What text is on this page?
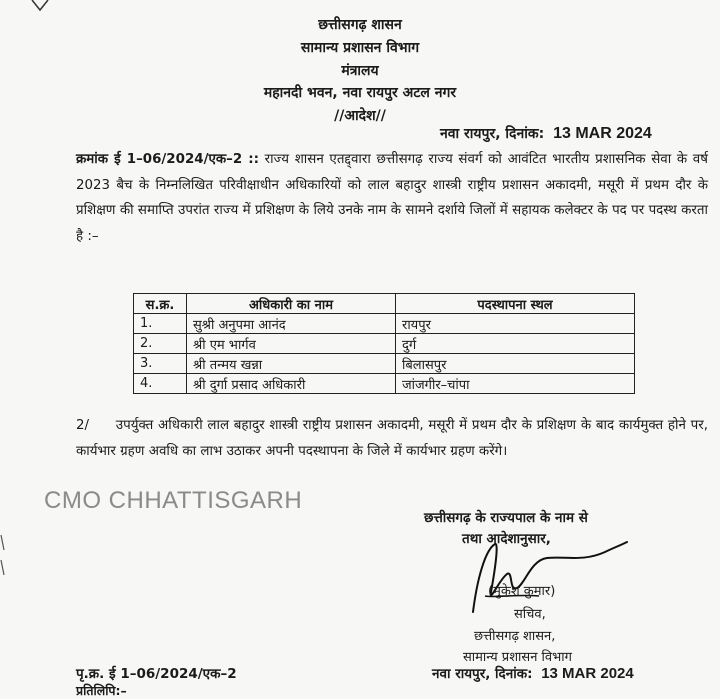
छत्तीसगढ़ शासन
सामान्य प्रशासन विभाग
मंत्रालय
महानदी भवन, नवा रायपुर अटल नगर
//आदेश//
नवा रायपुर, दिनांक: 13 MAR 2024

क्रमांक ई 1–06/2024/एक–2 :: राज्य शासन एतद्द्वारा छत्तीसगढ़ राज्य संवर्ग को आवंटित भारतीय प्रशासनिक सेवा के वर्ष 2023 बैच के निम्नलिखित परिवीक्षाधीन अधिकारियों को लाल बहादुर शास्त्री राष्ट्रीय प्रशासन अकादमी, मसूरी में प्रथम दौर के प्रशिक्षण की समाप्ति उपरांत राज्य में प्रशिक्षण के लिये उनके नाम के सामने दर्शाये जिलों में सहायक कलेक्टर के पद पर पदस्थ करता है :–

स.क्र.	अधिकारी का नाम	पदस्थापना स्थल
1.	सुश्री अनुपमा आनंद	रायपुर
2.	श्री एम भार्गव	दुर्ग
3.	श्री तन्मय खन्ना	बिलासपुर
4.	श्री दुर्गा प्रसाद अधिकारी	जांजगीर–चांपा

2/ उपर्युक्त अधिकारी लाल बहादुर शास्त्री राष्ट्रीय प्रशासन अकादमी, मसूरी में प्रथम दौर के प्रशिक्षण के बाद कार्यमुक्त होने पर, कार्यभार ग्रहण अवधि का लाभ उठाकर अपनी पदस्थापना के जिले में कार्यभार ग्रहण करेंगे।

CMO CHHATTISGARH
छत्तीसगढ़ के राज्यपाल के नाम से
तथा आदेशानुसार,
(मुकेश कुमार)
सचिव,
छत्तीसगढ़ शासन,
सामान्य प्रशासन विभाग
पृ.क्र. ई 1–06/2024/एक–2
प्रतिलिपि:–
नवा रायपुर, दिनांक: 13 MAR 2024
